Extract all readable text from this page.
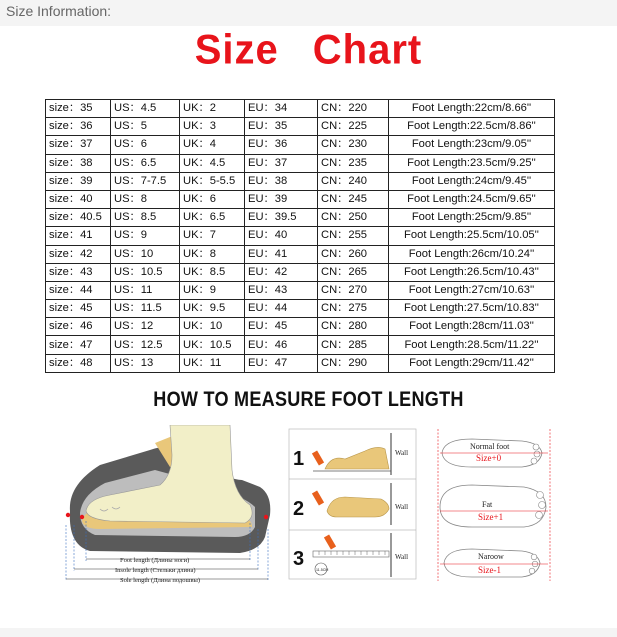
Size Information:
Size Chart
size：35	US：4.5	UK：2	EU：34	CN：220	Foot Length:22cm/8.66''
size：36	US：5	UK：3	EU：35	CN：225	Foot Length:22.5cm/8.86''
size：37	US：6	UK：4	EU：36	CN：230	Foot Length:23cm/9.05''
size：38	US：6.5	UK：4.5	EU：37	CN：235	Foot Length:23.5cm/9.25''
size：39	US：7-7.5	UK：5-5.5	EU：38	CN：240	Foot Length:24cm/9.45''
size：40	US：8	UK：6	EU：39	CN：245	Foot Length:24.5cm/9.65''
size：40.5	US：8.5	UK：6.5	EU：39.5	CN：250	Foot Length:25cm/9.85''
size：41	US：9	UK：7	EU：40	CN：255	Foot Length:25.5cm/10.05''
size：42	US：10	UK：8	EU：41	CN：260	Foot Length:26cm/10.24''
size：43	US：10.5	UK：8.5	EU：42	CN：265	Foot Length:26.5cm/10.43''
size：44	US：11	UK：9	EU：43	CN：270	Foot Length:27cm/10.63''
size：45	US：11.5	UK：9.5	EU：44	CN：275	Foot Length:27.5cm/10.83''
size：46	US：12	UK：10	EU：45	CN：280	Foot Length:28cm/11.03''
size：47	US：12.5	UK：10.5	EU：46	CN：285	Foot Length:28.5cm/11.22''
size：48	US：13	UK：11	EU：47	CN：290	Foot Length:29cm/11.42''
HOW TO MEASURE FOOT LENGTH
Foot length (Длины ноги)
Insole length (Стельки длина)
Sole length (Длина подошвы)
1	Wall
2	Wall
3	11.5CM
Wall
Normal foot
Size+0
Fat
Size+1
Naroow
Size-1
